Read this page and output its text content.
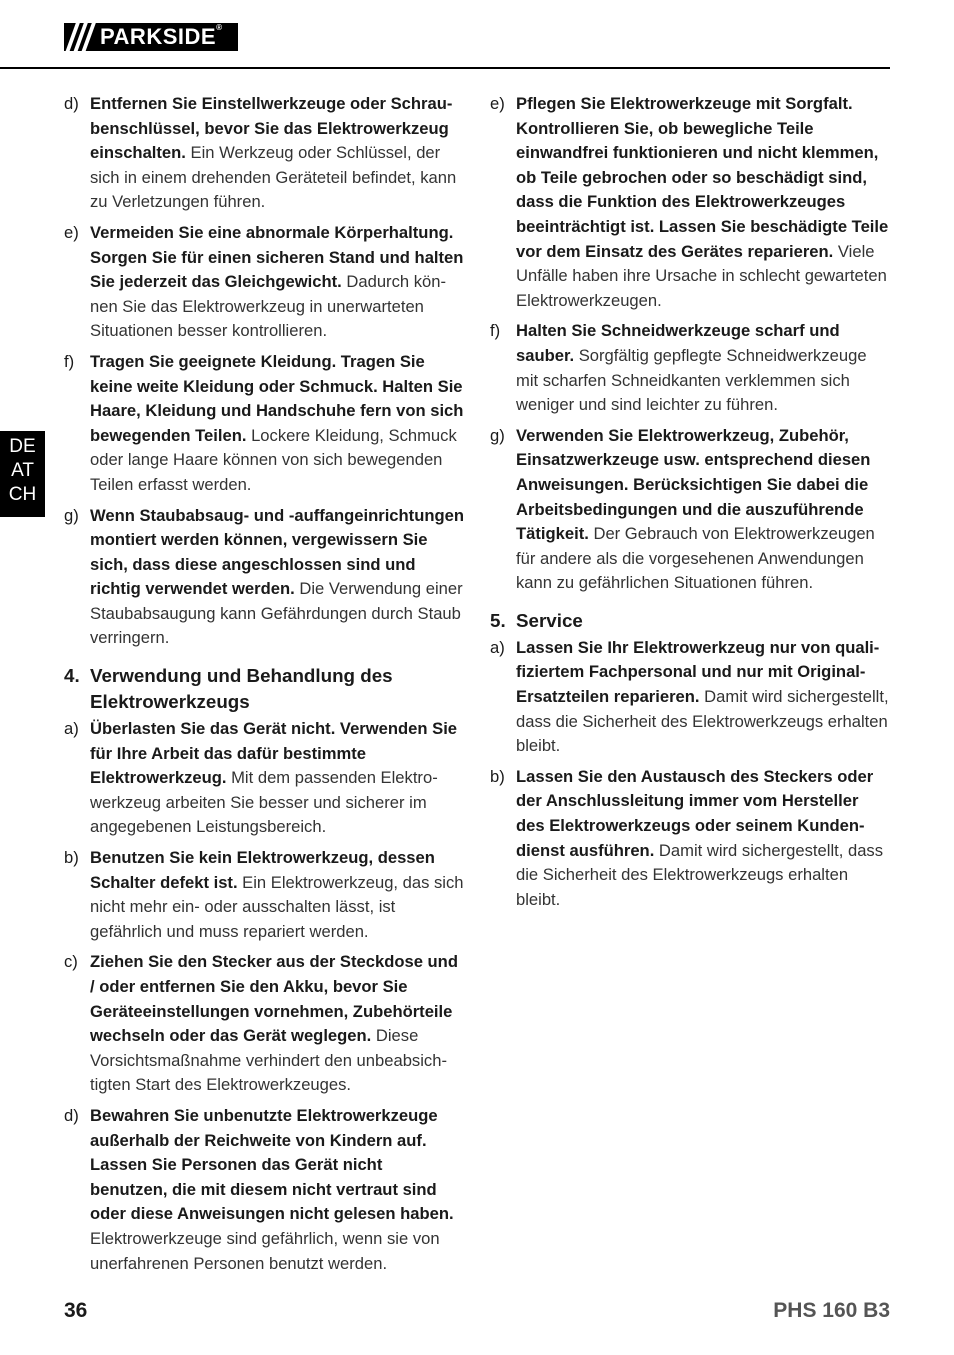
PARKSIDE®
DE
AT
CH
d) Entfernen Sie Einstellwerkzeuge oder Schraubenschlüssel, bevor Sie das Elektrowerkzeug einschalten. Ein Werkzeug oder Schlüssel, der sich in einem drehenden Geräteteil befindet, kann zu Verletzungen führen.
e) Vermeiden Sie eine abnormale Körperhaltung. Sorgen Sie für einen sicheren Stand und halten Sie jederzeit das Gleichgewicht. Dadurch können Sie das Elektrowerkzeug in unerwarteten Situationen besser kontrollieren.
f) Tragen Sie geeignete Kleidung. Tragen Sie keine weite Kleidung oder Schmuck. Halten Sie Haare, Kleidung und Handschuhe fern von sich bewegenden Teilen. Lockere Kleidung, Schmuck oder lange Haare können von sich bewegenden Teilen erfasst werden.
g) Wenn Staubabsaug- und -auffangeinrichtungen montiert werden können, vergewissern Sie sich, dass diese angeschlossen sind und richtig verwendet werden. Die Verwendung einer Staubabsaugung kann Gefährdungen durch Staub verringern.
4. Verwendung und Behandlung des Elektrowerkzeugs
a) Überlasten Sie das Gerät nicht. Verwenden Sie für Ihre Arbeit das dafür bestimmte Elektrowerkzeug. Mit dem passenden Elektrowerkzeug arbeiten Sie besser und sicherer im angegebenen Leistungsbereich.
b) Benutzen Sie kein Elektrowerkzeug, dessen Schalter defekt ist. Ein Elektrowerkzeug, das sich nicht mehr ein- oder ausschalten lässt, ist gefährlich und muss repariert werden.
c) Ziehen Sie den Stecker aus der Steckdose und / oder entfernen Sie den Akku, bevor Sie Geräteeinstellungen vornehmen, Zubehörteile wechseln oder das Gerät weglegen. Diese Vorsichtsmaßnahme verhindert den unbeabsichtigten Start des Elektrowerkzeuges.
d) Bewahren Sie unbenutzte Elektrowerkzeuge außerhalb der Reichweite von Kindern auf. Lassen Sie Personen das Gerät nicht benutzen, die mit diesem nicht vertraut sind oder diese Anweisungen nicht gelesen haben. Elektrowerkzeuge sind gefährlich, wenn sie von unerfahrenen Personen benutzt werden.
e) Pflegen Sie Elektrowerkzeuge mit Sorgfalt. Kontrollieren Sie, ob bewegliche Teile einwandfrei funktionieren und nicht klemmen, ob Teile gebrochen oder so beschädigt sind, dass die Funktion des Elektrowerkzeuges beeinträchtigt ist. Lassen Sie beschädigte Teile vor dem Einsatz des Gerätes reparieren. Viele Unfälle haben ihre Ursache in schlecht gewarteten Elektrowerkzeugen.
f) Halten Sie Schneidwerkzeuge scharf und sauber. Sorgfältig gepflegte Schneidwerkzeuge mit scharfen Schneidkanten verklemmen sich weniger und sind leichter zu führen.
g) Verwenden Sie Elektrowerkzeug, Zubehör, Einsatzwerkzeuge usw. entsprechend diesen Anweisungen. Berücksichtigen Sie dabei die Arbeitsbedingungen und die auszuführende Tätigkeit. Der Gebrauch von Elektrowerkzeugen für andere als die vorgesehenen Anwendungen kann zu gefährlichen Situationen führen.
5. Service
a) Lassen Sie Ihr Elektrowerkzeug nur von qualifiziertem Fachpersonal und nur mit Original-Ersatzteilen reparieren. Damit wird sichergestellt, dass die Sicherheit des Elektrowerkzeugs erhalten bleibt.
b) Lassen Sie den Austausch des Steckers oder der Anschlussleitung immer vom Hersteller des Elektrowerkzeugs oder seinem Kundendienst ausführen. Damit wird sichergestellt, dass die Sicherheit des Elektrowerkzeugs erhalten bleibt.
36	PHS 160 B3
